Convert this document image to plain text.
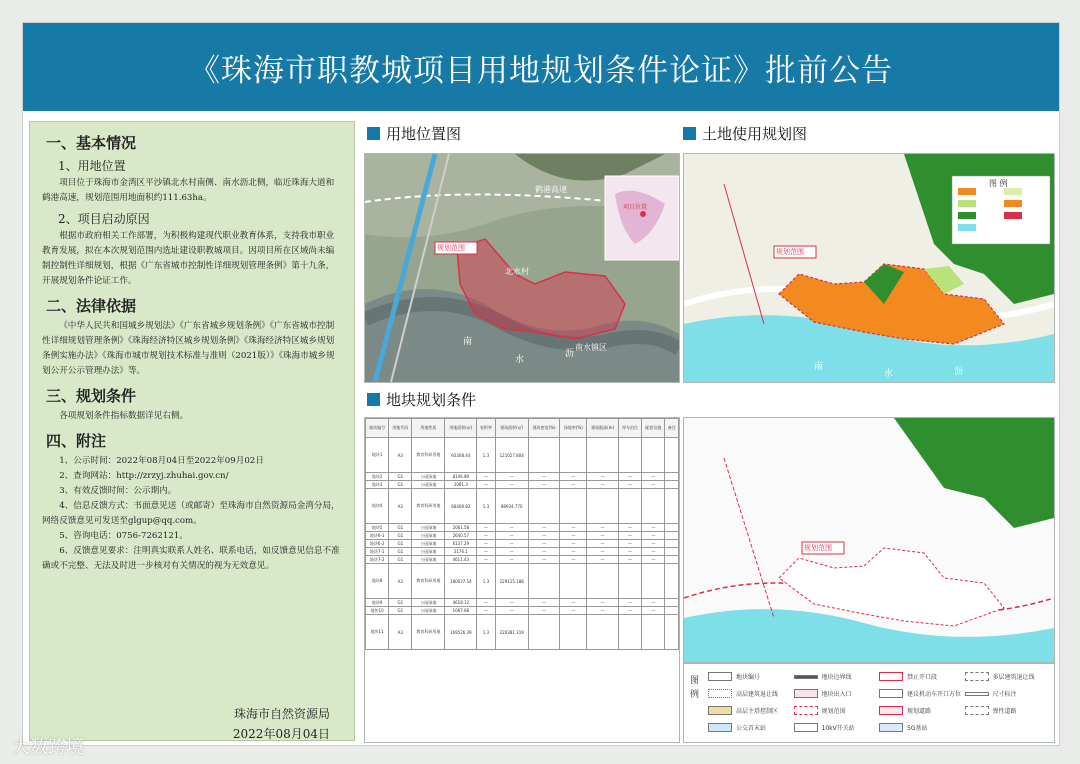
《珠海市职教城项目用地规划条件论证》批前公告
一、基本情况
1、用地位置

项目位于珠海市金湾区平沙镇北水村南侧、南水沥北侧，临近珠海大道和鹤港高速，规划范围用地面积约111.63ha。

2、项目启动原因

根据市政府相关工作部署，为积极构建现代职业教育体系，支持我市职业教育发展，拟在本次规划范围内选址建设职教城项目。因项目所在区域尚未编制控制性详细规划，根据《广东省城市控制性详细规划管理条例》第十九条，开展规划条件论证工作。

二、法律依据

《中华人民共和国城乡规划法》《广东省城乡规划条例》《广东省城市控制性详细规划管理条例》《珠海经济特区城乡规划条例》《珠海经济特区城乡规划条例实施办法》《珠海市城市规划技术标准与准则（2021版）》《珠海市城乡规划公开公示管理办法》等。

三、规划条件

各项规划条件指标数据详见右侧。

四、附注

1、公示时间：2022年08月04日至2022年09月02日

2、查询网站：http://zrzyj.zhuhai.gov.cn/

3、有效反馈时间：公示期内。

4、信息反馈方式：书面意见送（或邮寄）至珠海市自然资源局金湾分局，网络反馈意见可发送至glgup@qq.com。

5、咨询电话：0756-7262121。

6、反馈意见要求：注明真实联系人姓名、联系电话，如反馈意见信息不准确或不完整、无法及时进一步核对有关情况的视为无效意见。

珠海市自然资源局
2022年08月04日
用地位置图	土地使用规划图
地块规划条件
规划范围
北水村
南水镇区
鹤港高速
南
水
沥
项目位置
规划范围
图 例
南
水	沥
地块编号	用地代码	用地性质	用地面积(㎡)	容积率	建筑面积(㎡)	建筑密度(%)	绿地率(%)	建筑限高(m)	停车泊位	配套设施	备注
地块1	A3	教育科研用地	92308.44	1.3	121027.804						
地块2	G1	公园绿地	8106.89	—	—	—	—	—	—	—	
地块3	G1	公园绿地	2061.3	—	—	—	—	—	—	—	
地块4	A3	教育科研用地	68409.82	1.3	88934.770						
地块5	G1	公园绿地	2061.58	—	—	—	—	—	—	—	
地块6-1	G1	公园绿地	2640.57	—	—	—	—	—	—	—	
地块6-2	G1	公园绿地	6137.29	—	—	—	—	—	—	—	
地块7-1	G1	公园绿地	2176.1	—	—	—	—	—	—	—	
地块7-2	G1	公园绿地	4611.43	—	—	—	—	—	—	—	
地块8	A3	教育科研用地	180037.54	1.3	229115.188						
地块9	G1	公园绿地	4618.12	—	—	—	—	—	—	—	
地块10	G1	公园绿地	1067.68	—	—	—	—	—	—	—	
地块11	A3	教育科研用地	169526.39	1.3	220381.319						
规划范围
图例
地块编号	地块边界线	禁止开口段	多层建筑退让线
高层建筑退让线	地块出入口	建议机动车开口方位	尺寸标注
高层主塔控制区	规划范围	规划道路	弹性道路
公交首末站	10kV开关站	5G基站
大数跨境
